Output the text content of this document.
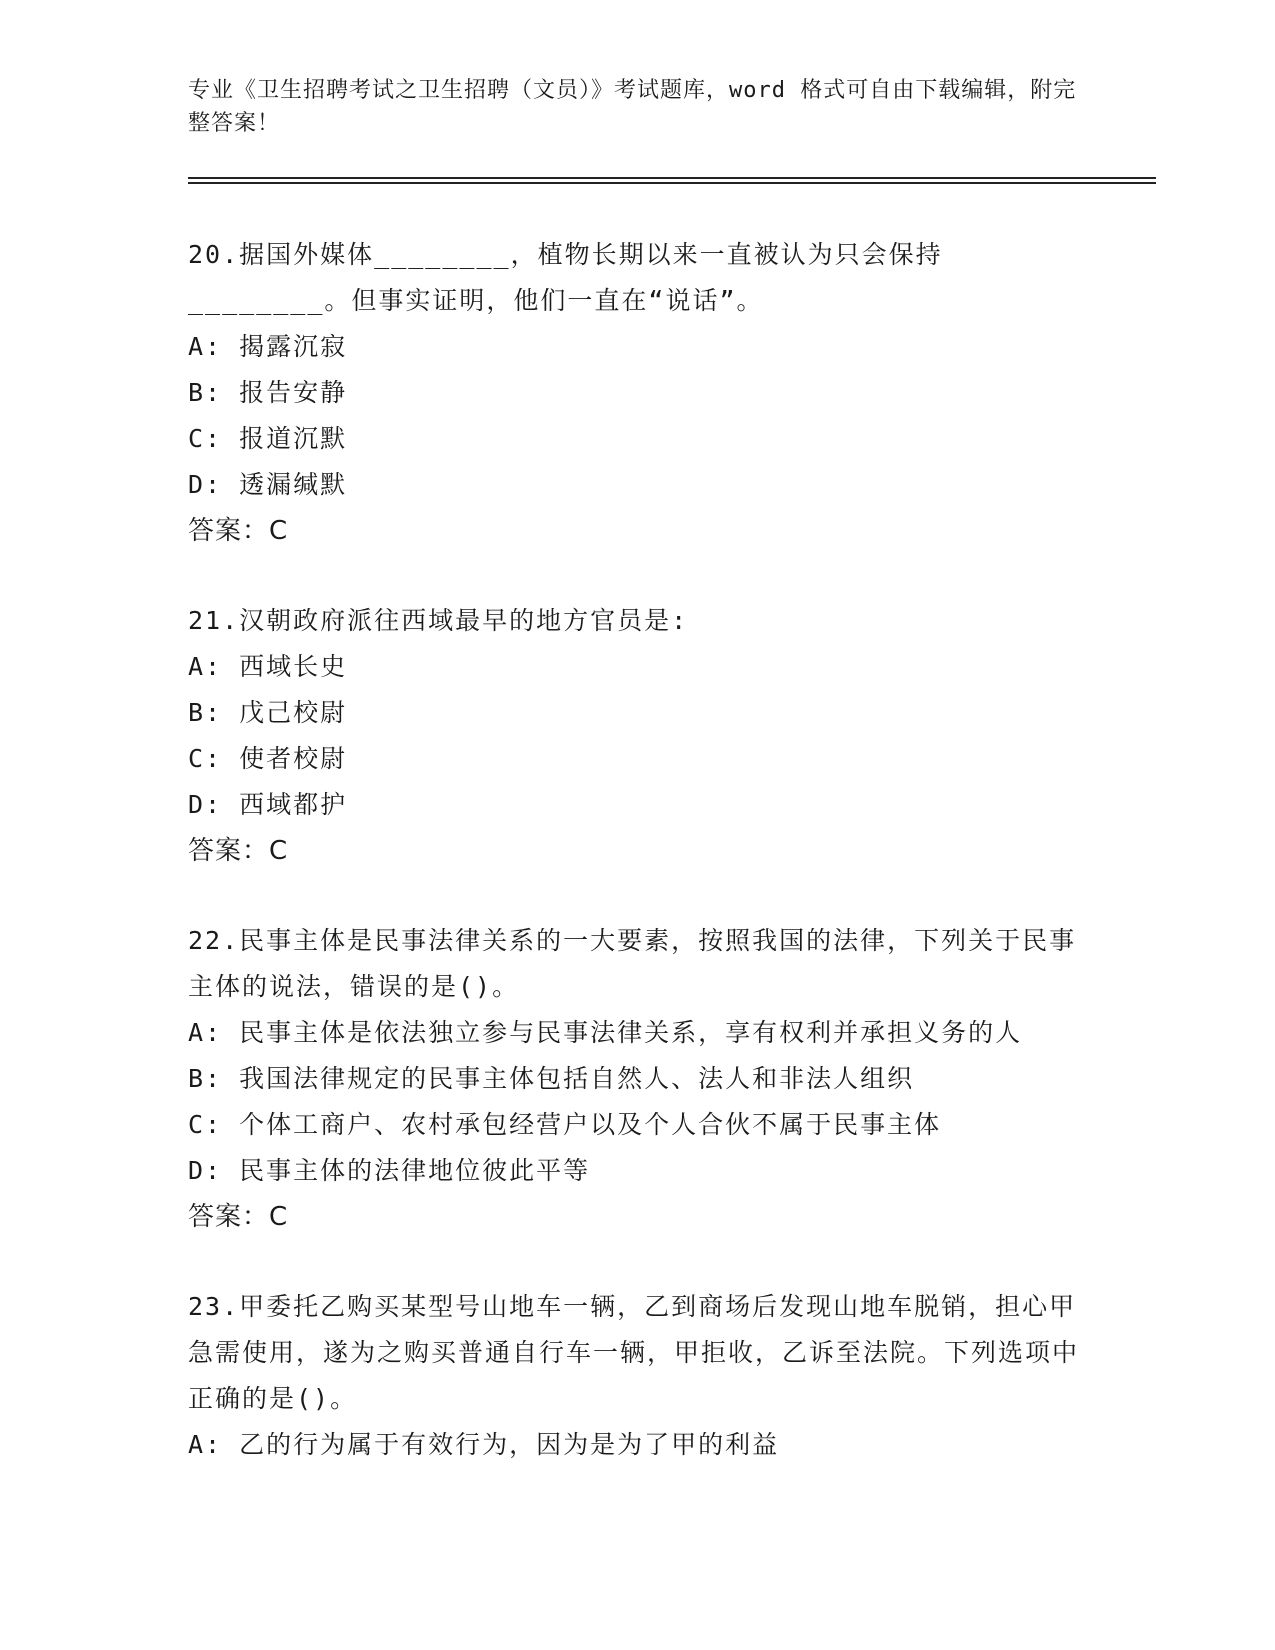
专业《卫生招聘考试之卫生招聘（文员）》考试题库，word 格式可自由下载编辑，附完整答案！
20.据国外媒体________，植物长期以来一直被认为只会保持________。但事实证明，他们一直在“说话”。
A: 揭露沉寂
B: 报告安静
C: 报道沉默
D: 透漏缄默
答案：C
21.汉朝政府派往西域最早的地方官员是:
A: 西域长史
B: 戊己校尉
C: 使者校尉
D: 西域都护
答案：C
22.民事主体是民事法律关系的一大要素，按照我国的法律，下列关于民事主体的说法，错误的是()。
A: 民事主体是依法独立参与民事法律关系，享有权利并承担义务的人
B: 我国法律规定的民事主体包括自然人、法人和非法人组织
C: 个体工商户、农村承包经营户以及个人合伙不属于民事主体
D: 民事主体的法律地位彼此平等
答案：C
23.甲委托乙购买某型号山地车一辆，乙到商场后发现山地车脱销，担心甲急需使用，遂为之购买普通自行车一辆，甲拒收，乙诉至法院。下列选项中正确的是()。
A: 乙的行为属于有效行为，因为是为了甲的利益
